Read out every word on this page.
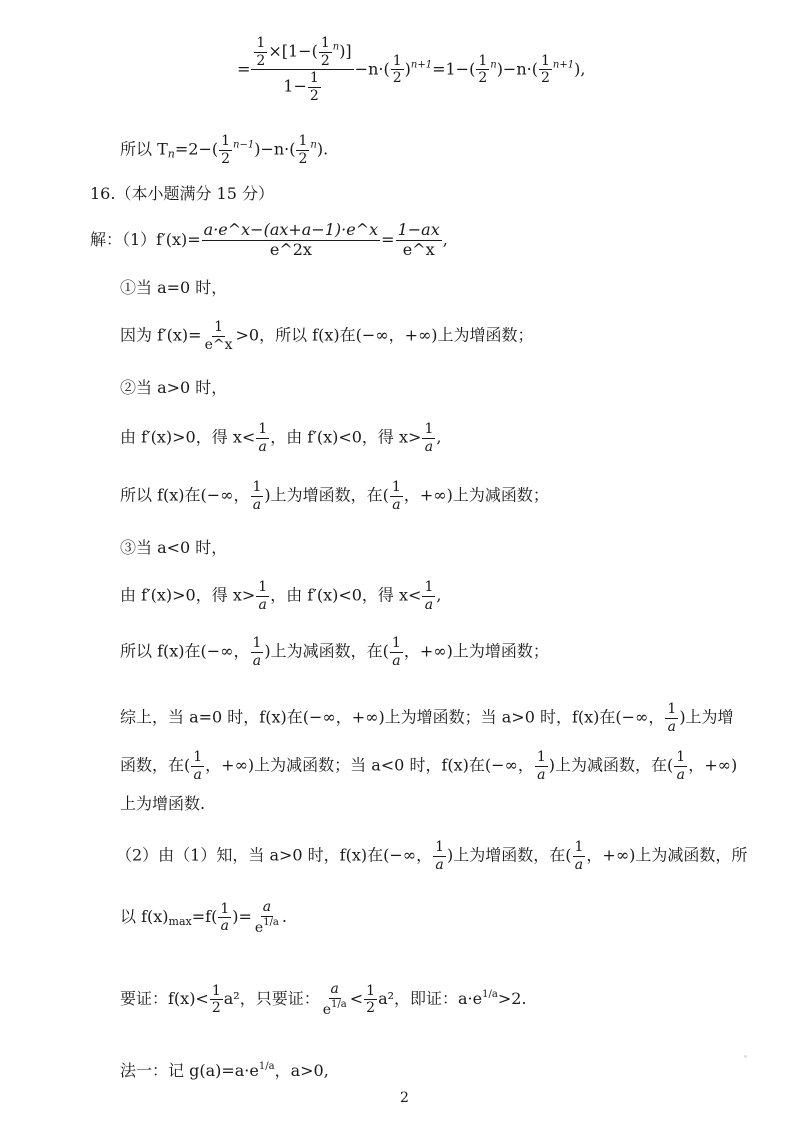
= $\frac{\frac{1}{2} \times[1-( \frac{1}{2} ^n)]}{1- \frac{1}{2}} -n\cdot( \frac{1}{2} )^{n+1}=1-( \frac{1}{2} ^n)-n\cdot( \frac{1}{2} ^{n+1})$,
所以 $T_n=2-( \frac{1}{2} ^{n-1})-n\cdot( \frac{1}{2} ^n)$.
16.（本小题满分 15 分）
解：$(1)f'(x)= \frac{a\cdot e\^{}x-(ax+a-1)\cdot e\^{}x}{e\^{}2x} = \frac{1-ax}{e\^{}x}$ ,
①当 a=0 时，
因为 $f'(x)= \frac{1}{e\^{}x} >0$，所以 f(x)在(−∞，+∞)上为增函数；
②当 a>0 时，
由 f′(x)>0，得 $x< \frac{1}{a}$ ，由 f′(x)<0，得 $x> \frac{1}{a}$ ,
所以 f(x)在(−∞， $\frac{1}{a}$ )上为增函数，在( $\frac{1}{a}$ ，+∞)上为减函数；
③当 a<0 时，
由 f′(x)>0，得 $x> \frac{1}{a}$ ，由 f′(x)<0，得 $x< \frac{1}{a}$ ,
所以 f(x)在(−∞， $\frac{1}{a}$ )上为减函数，在( $\frac{1}{a}$ ，+∞)上为增函数；
综上，当 a=0 时，f(x)在(−∞，+∞)上为增函数；当 a>0 时，f(x)在(−∞， $\frac{1}{a}$ )上为增
函数，在( $\frac{1}{a}$ ，+∞)上为减函数；当 a<0 时，f(x)在(−∞， $\frac{1}{a}$ )上为减函数，在( $\frac{1}{a}$ ，+∞)
上为增函数.
（2）由（1）知，当 a>0 时，f(x)在(−∞， $\frac{1}{a}$ )上为增函数，在( $\frac{1}{a}$ ，+∞)上为减函数，所
以 $f(x)_{max}=f( \frac{1}{a}$ )= $\frac{a}{e^{1/a}}$ .
要证：$f(x)< \frac{1}{2} a^2$，只要证： $\frac{a}{e^{1/a}} < \frac{1}{2} a^2$，即证：$a\cdot e^{1/a}>2$.
法一：记 $g(a)=a\cdot e^{1/a}$，a>0,
2
